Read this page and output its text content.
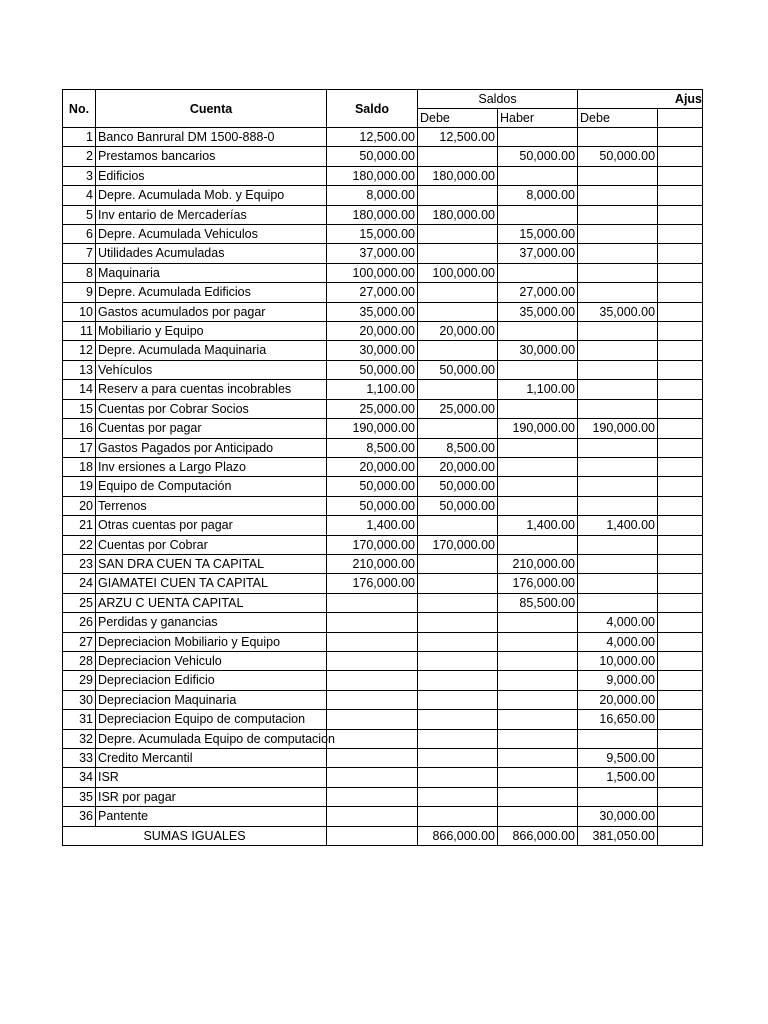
No.	Cuenta	Saldo	Saldos		Ajus	
			Debe	Haber	Debe	
1	Banco Banrural DM 1500-888-0	12,500.00	12,500.00			
2	Prestamos bancarios	50,000.00		50,000.00	50,000.00	
3	Edificios	180,000.00	180,000.00			
4	Depre. Acumulada Mob. y Equipo	8,000.00		8,000.00		
5	Inv entario de Mercaderías	180,000.00	180,000.00			
6	Depre. Acumulada Vehiculos	15,000.00		15,000.00		
7	Utilidades Acumuladas	37,000.00		37,000.00		
8	Maquinaria	100,000.00	100,000.00			
9	Depre. Acumulada Edificios	27,000.00		27,000.00		
10	Gastos acumulados por pagar	35,000.00		35,000.00	35,000.00	
11	Mobiliario y Equipo	20,000.00	20,000.00			
12	Depre. Acumulada Maquinaria	30,000.00		30,000.00		
13	Vehículos	50,000.00	50,000.00			
14	Reserv a para cuentas incobrables	1,100.00		1,100.00		
15	Cuentas por Cobrar Socios	25,000.00	25,000.00			
16	Cuentas por pagar	190,000.00		190,000.00	190,000.00	
17	Gastos Pagados por Anticipado	8,500.00	8,500.00			
18	Inv ersiones a Largo Plazo	20,000.00	20,000.00			
19	Equipo de Computación	50,000.00	50,000.00			
20	Terrenos	50,000.00	50,000.00			
21	Otras cuentas por pagar	1,400.00		1,400.00	1,400.00	
22	Cuentas por Cobrar	170,000.00	170,000.00			
23	SAN DRA CUEN TA CAPITAL	210,000.00		210,000.00		
24	GIAMATEI CUEN TA CAPITAL	176,000.00		176,000.00		
25	ARZU C UENTA CAPITAL			85,500.00		
26	Perdidas y ganancias				4,000.00	
27	Depreciacion Mobiliario y Equipo				4,000.00	
28	Depreciacion Vehiculo				10,000.00	
29	Depreciacion Edificio				9,000.00	
30	Depreciacion Maquinaria				20,000.00	
31	Depreciacion Equipo de computacion				16,650.00	
32	Depre. Acumulada Equipo de computacion					
33	Credito Mercantil				9,500.00	
34	ISR				1,500.00	
35	ISR por pagar					
36	Pantente				30,000.00	
SUMAS IGUALES			866,000.00	866,000.00	381,050.00	
